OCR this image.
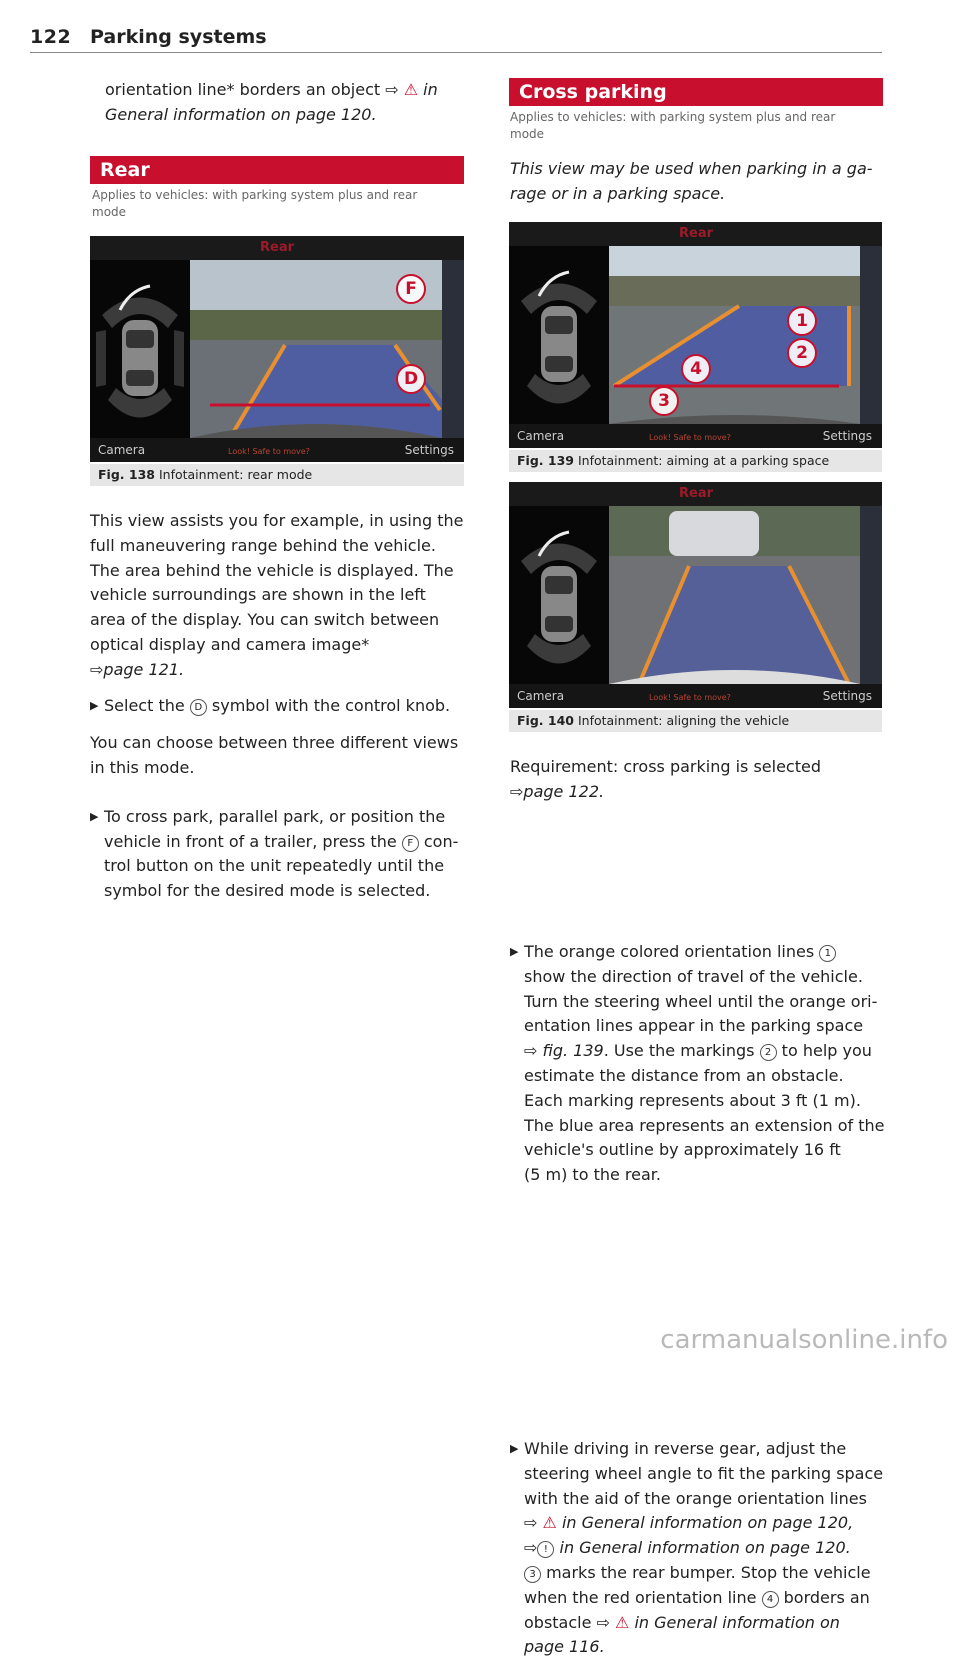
122 Parking systems
orientation line* borders an object ⇨ ⚠ in
General information on page 120.
Rear
Applies to vehicles: with parking system plus and rear mode
Rear
F
D
Camera	Look! Safe to move?	Settings
Fig. 138 Infotainment: rear mode
This view assists you for example, in using the
full maneuvering range behind the vehicle.
The area behind the vehicle is displayed. The
vehicle surroundings are shown in the left
area of the display. You can switch between
optical display and camera image*
⇨page 121.
▶ Select the D symbol with the control knob.
You can choose between three different views
in this mode.
▶ To cross park, parallel park, or position the
vehicle in front of a trailer, press the F con-
trol button on the unit repeatedly until the
symbol for the desired mode is selected.
Cross parking
Applies to vehicles: with parking system plus and rear mode
This view may be used when parking in a ga-
rage or in a parking space.
Rear
1
2
4
3
Camera	Look! Safe to move?	Settings
Fig. 139 Infotainment: aiming at a parking space
Rear
Camera	Look! Safe to move?	Settings
Fig. 140 Infotainment: aligning the vehicle
Requirement: cross parking is selected
⇨page 122.
▶ The orange colored orientation lines 1
show the direction of travel of the vehicle.
Turn the steering wheel until the orange ori-
entation lines appear in the parking space
⇨ fig. 139. Use the markings 2 to help you
estimate the distance from an obstacle.
Each marking represents about 3 ft (1 m).
The blue area represents an extension of the
vehicle's outline by approximately 16 ft
(5 m) to the rear.
▶ While driving in reverse gear, adjust the
steering wheel angle to fit the parking space
with the aid of the orange orientation lines
⇨ ⚠ in General information on page 120,
⇨ ! in General information on page 120.
3 marks the rear bumper. Stop the vehicle
when the red orientation line 4 borders an
obstacle ⇨ ⚠ in General information on
page 116.
carmanualsonline.info
